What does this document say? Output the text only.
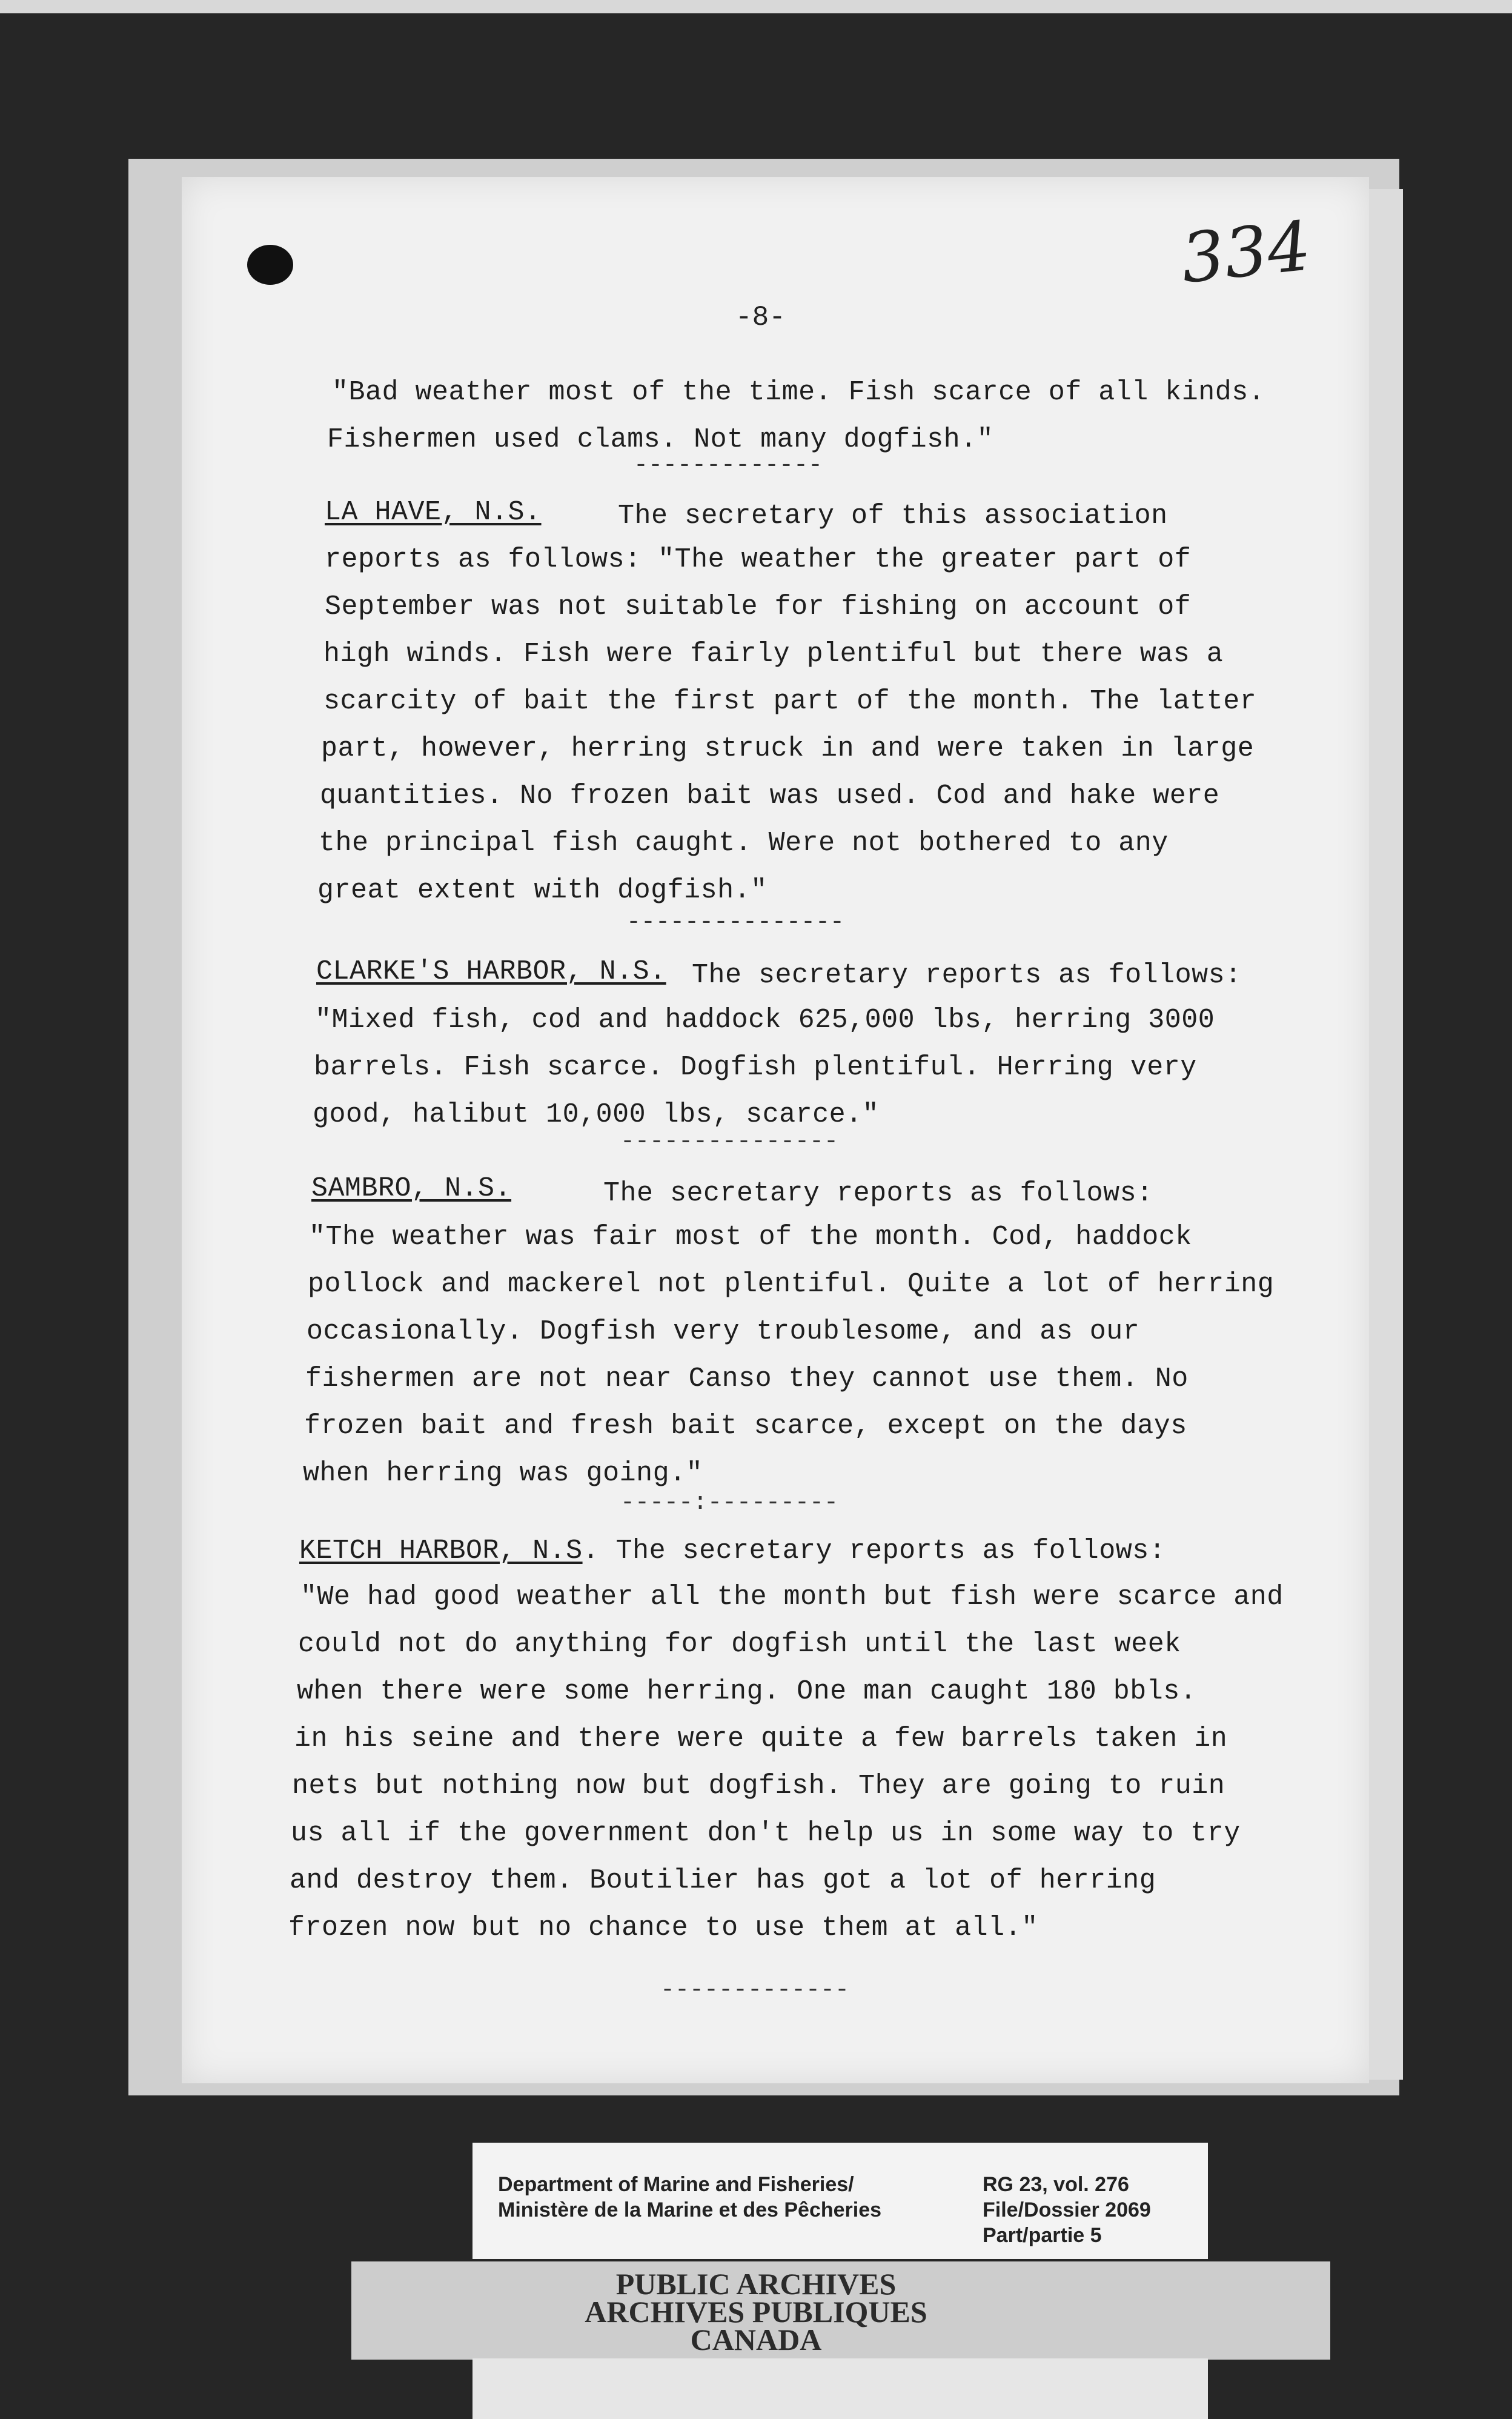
334
-8-
"Bad weather most of the time. Fish scarce of all kinds.
Fishermen used clams. Not many dogfish."
-------------
LA HAVE, N.S.	The secretary of this association
reports as follows: "The weather the greater part of
September was not suitable for fishing on account of
high winds. Fish were fairly plentiful but there was a
scarcity of bait the first part of the month. The latter
part, however, herring struck in and were taken in large
quantities. No frozen bait was used. Cod and hake were
the principal fish caught. Were not bothered to any
great extent with dogfish."
---------------
CLARKE'S HARBOR, N.S. The secretary reports as follows:
"Mixed fish, cod and haddock 625,000 lbs, herring 3000
barrels. Fish scarce. Dogfish plentiful. Herring very
good, halibut 10,000 lbs, scarce."
---------------
SAMBRO, N.S.	The secretary reports as follows:
"The weather was fair most of the month. Cod, haddock
pollock and mackerel not plentiful. Quite a lot of herring
occasionally. Dogfish very troublesome, and as our
fishermen are not near Canso they cannot use them. No
frozen bait and fresh bait scarce, except on the days
when herring was going."
-----:---------
KETCH HARBOR, N.S. The secretary reports as follows:
"We had good weather all the month but fish were scarce and
could not do anything for dogfish until the last week
when there were some herring. One man caught 180 bbls.
in his seine and there were quite a few barrels taken in
nets but nothing now but dogfish. They are going to ruin
us all if the government don't help us in some way to try
and destroy them. Boutilier has got a lot of herring
frozen now but no chance to use them at all."
-------------
Department of Marine and Fisheries/
Ministère de la Marine et des Pêcheries
RG 23, vol. 276
File/Dossier 2069
Part/partie 5
PUBLIC ARCHIVES
ARCHIVES PUBLIQUES
CANADA
